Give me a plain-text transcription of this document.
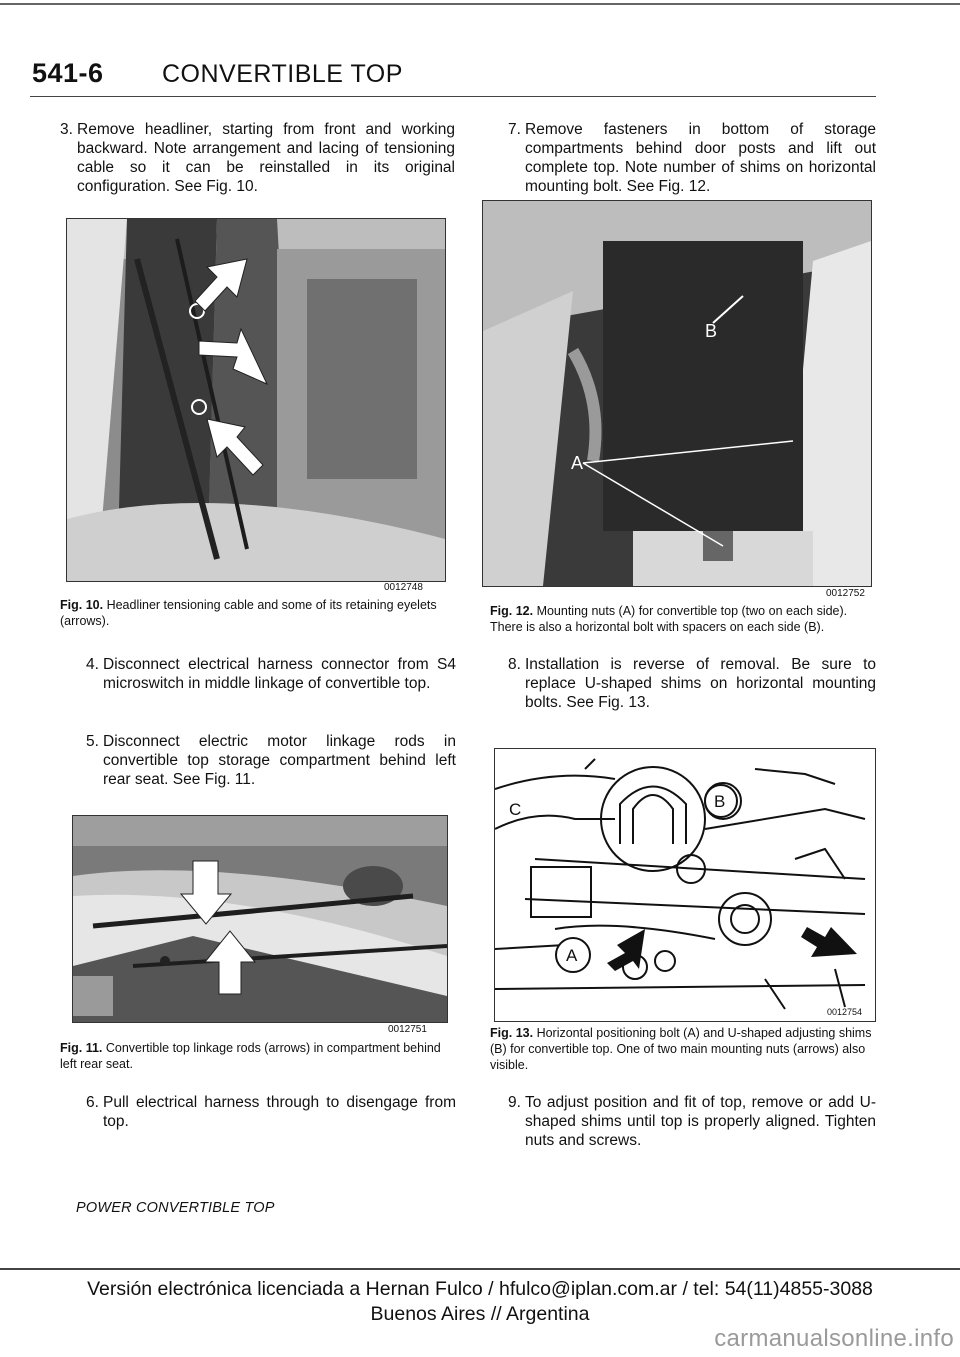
541-6 CONVERTIBLE TOP
3. Remove headliner, starting from front and working backward. Note arrangement and lacing of tensioning cable so it can be reinstalled in its original configuration. See Fig. 10.
0012748
Fig. 10. Headliner tensioning cable and some of its retaining eyelets (arrows).
4. Disconnect electrical harness connector from S4 microswitch in middle linkage of convertible top.
5. Disconnect electric motor linkage rods in convertible top storage compartment behind left rear seat. See Fig. 11.
0012751
Fig. 11. Convertible top linkage rods (arrows) in compartment behind left rear seat.
6. Pull electrical harness through to disengage from top.
7. Remove fasteners in bottom of storage compartments behind door posts and lift out complete top. Note number of shims on horizontal mounting bolt. See Fig. 12.
B
A
0012752
Fig. 12. Mounting nuts (A) for convertible top (two on each side). There is also a horizontal bolt with spacers on each side (B).
8. Installation is reverse of removal. Be sure to replace U-shaped shims on horizontal mounting bolts. See Fig. 13.
A
B
C
0012754
Fig. 13. Horizontal positioning bolt (A) and U-shaped adjusting shims (B) for convertible top. One of two main mounting nuts (arrows) also visible.
9. To adjust position and fit of top, remove or add U-shaped shims until top is properly aligned. Tighten nuts and screws.
POWER CONVERTIBLE TOP
Versión electrónica licenciada a Hernan Fulco / hfulco@iplan.com.ar / tel: 54(11)4855-3088
Buenos Aires // Argentina
carmanualsonline.info
